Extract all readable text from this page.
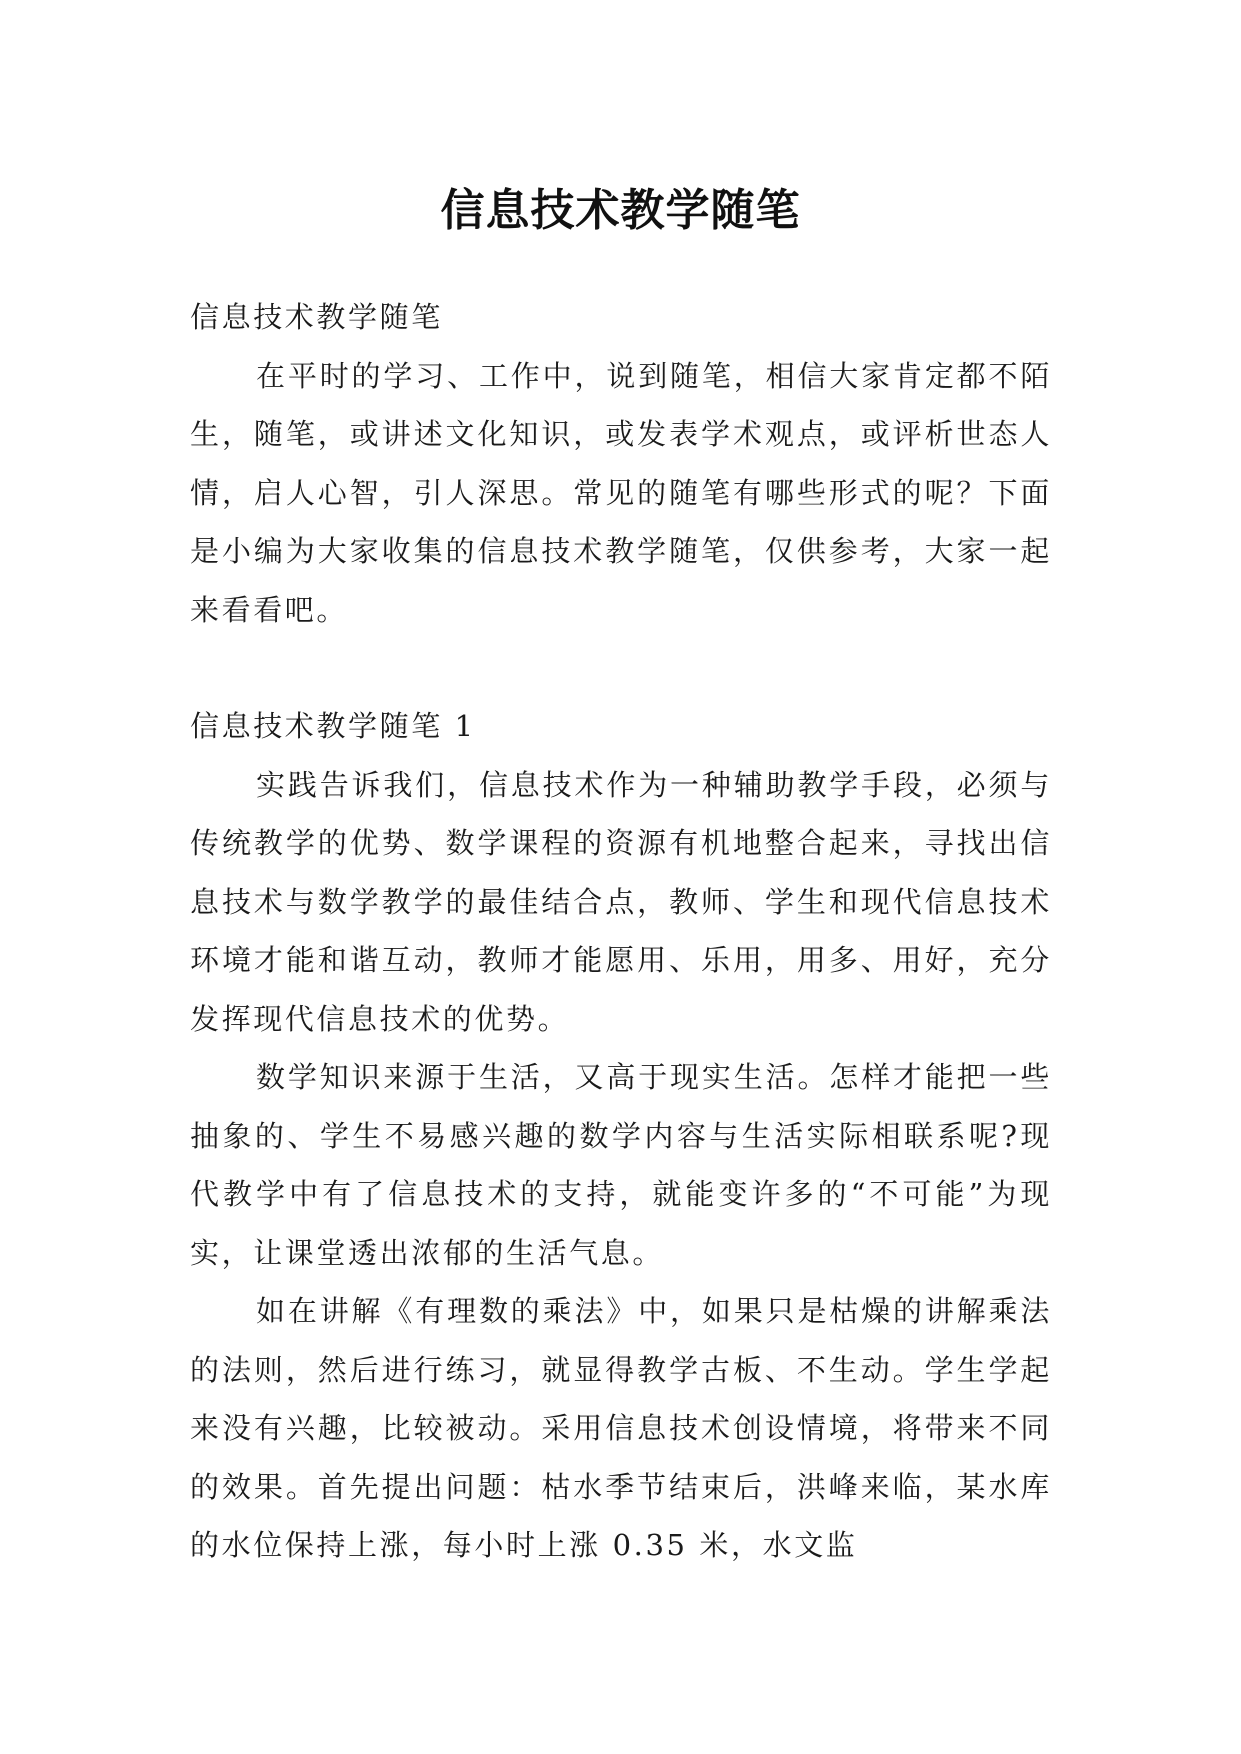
信息技术教学随笔

信息技术教学随笔

在平时的学习、工作中，说到随笔，相信大家肯定都不陌生，随笔，或讲述文化知识，或发表学术观点，或评析世态人情，启人心智，引人深思。常见的随笔有哪些形式的呢？下面是小编为大家收集的信息技术教学随笔，仅供参考，大家一起来看看吧。

信息技术教学随笔 1

实践告诉我们，信息技术作为一种辅助教学手段，必须与传统教学的优势、数学课程的资源有机地整合起来，寻找出信息技术与数学教学的最佳结合点，教师、学生和现代信息技术环境才能和谐互动，教师才能愿用、乐用，用多、用好，充分发挥现代信息技术的优势。

数学知识来源于生活，又高于现实生活。怎样才能把一些抽象的、学生不易感兴趣的数学内容与生活实际相联系呢?现代教学中有了信息技术的支持，就能变许多的“不可能”为现实，让课堂透出浓郁的生活气息。

如在讲解《有理数的乘法》中，如果只是枯燥的讲解乘法的法则，然后进行练习，就显得教学古板、不生动。学生学起来没有兴趣，比较被动。采用信息技术创设情境，将带来不同的效果。首先提出问题：枯水季节结束后，洪峰来临，某水库的水位保持上涨，每小时上涨 0.35 米，水文监
